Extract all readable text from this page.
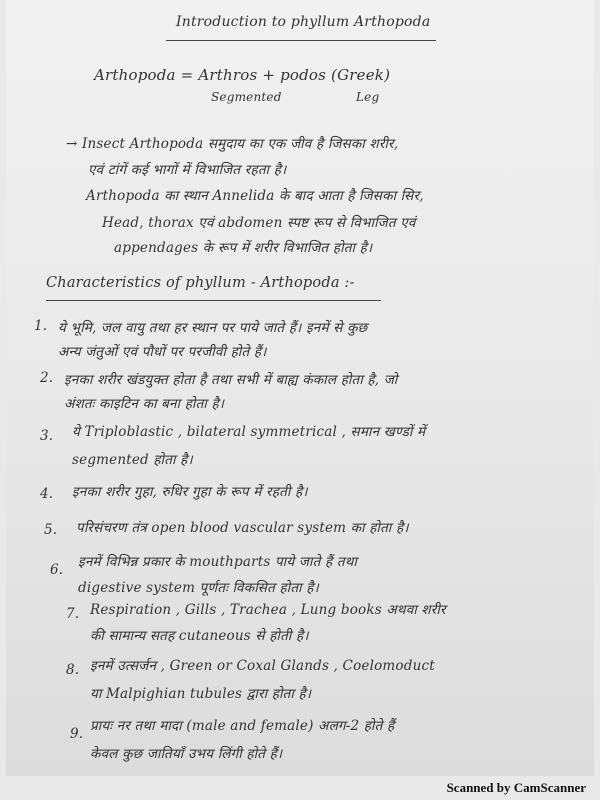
Introduction to phyllum Arthopoda
Arthopoda = Arthros + podos (Greek)
Segmented	Leg
→ Insect Arthopoda समुदाय का एक जीव है जिसका शरीर,
एवं टांगें कई भागों में विभाजित रहता है।
Arthopoda का स्थान Annelida के बाद आता है जिसका सिर,
Head, thorax एवं abdomen स्पष्ट रूप से विभाजित एवं
appendages के रूप में शरीर विभाजित होता है।
Characteristics of phyllum - Arthopoda :-
1. ये भूमि, जल वायु तथा हर स्थान पर पाये जाते हैं। इनमें से कुछ
अन्य जंतुओं एवं पौधों पर परजीवी होते हैं।
2. इनका शरीर खंडयुक्त होता है तथा सभी में बाह्य कंकाल होता है, जो
अंशतः काइटिन का बना होता है।
3. ये Triploblastic , bilateral symmetrical , समान खण्डों में
segmented होता है।
4. इनका शरीर गुहा, रुधिर गुहा के रूप में रहती है।
5. परिसंचरण तंत्र open blood vascular system का होता है।
6. इनमें विभिन्न प्रकार के mouthparts पाये जाते हैं तथा
digestive system पूर्णतः विकसित होता है।
7. Respiration , Gills , Trachea , Lung books अथवा शरीर
की सामान्य सतह cutaneous से होती है।
8. इनमें उत्सर्जन , Green or Coxal Glands , Coelomoduct
या Malpighian tubules द्वारा होता है।
9. प्रायः नर तथा मादा (male and female) अलग-2 होते हैं
केवल कुछ जातियाँ उभय लिंगी होते हैं।
Scanned by CamScanner
